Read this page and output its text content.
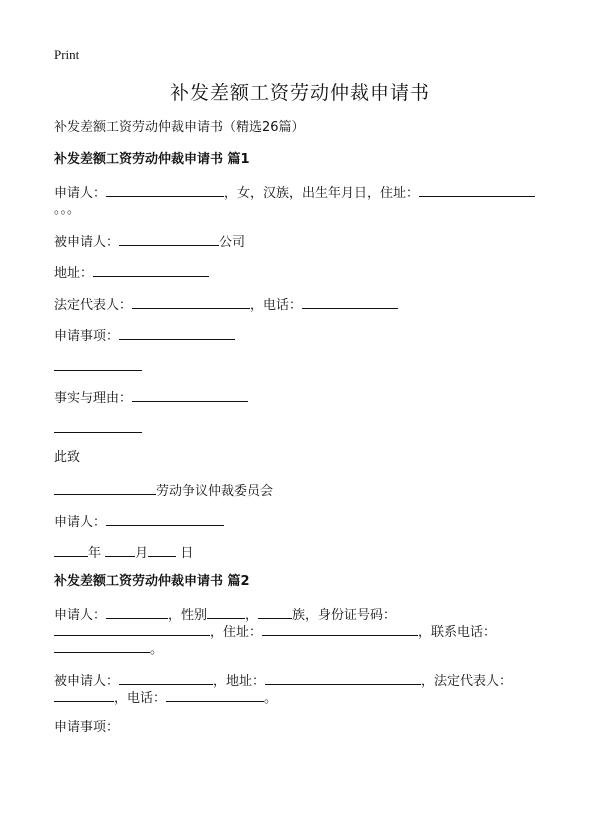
Print
补发差额工资劳动仲裁申请书
补发差额工资劳动仲裁申请书（精选26篇）
补发差额工资劳动仲裁申请书 篇1
申请人：	，女，汉族，出生年月日，住址：
。。。
被申请人：	公司
地址：
法定代表人：	，电话：
申请事项：
事实与理由：
此致
劳动争议仲裁委员会
申请人：
年	月 日
补发差额工资劳动仲裁申请书 篇2
申请人：	，性别	，	族，身份证号码：
，住址：	，联系电话：
。
被申请人：	，地址：	，法定代表人：
，电话：	。
申请事项：
